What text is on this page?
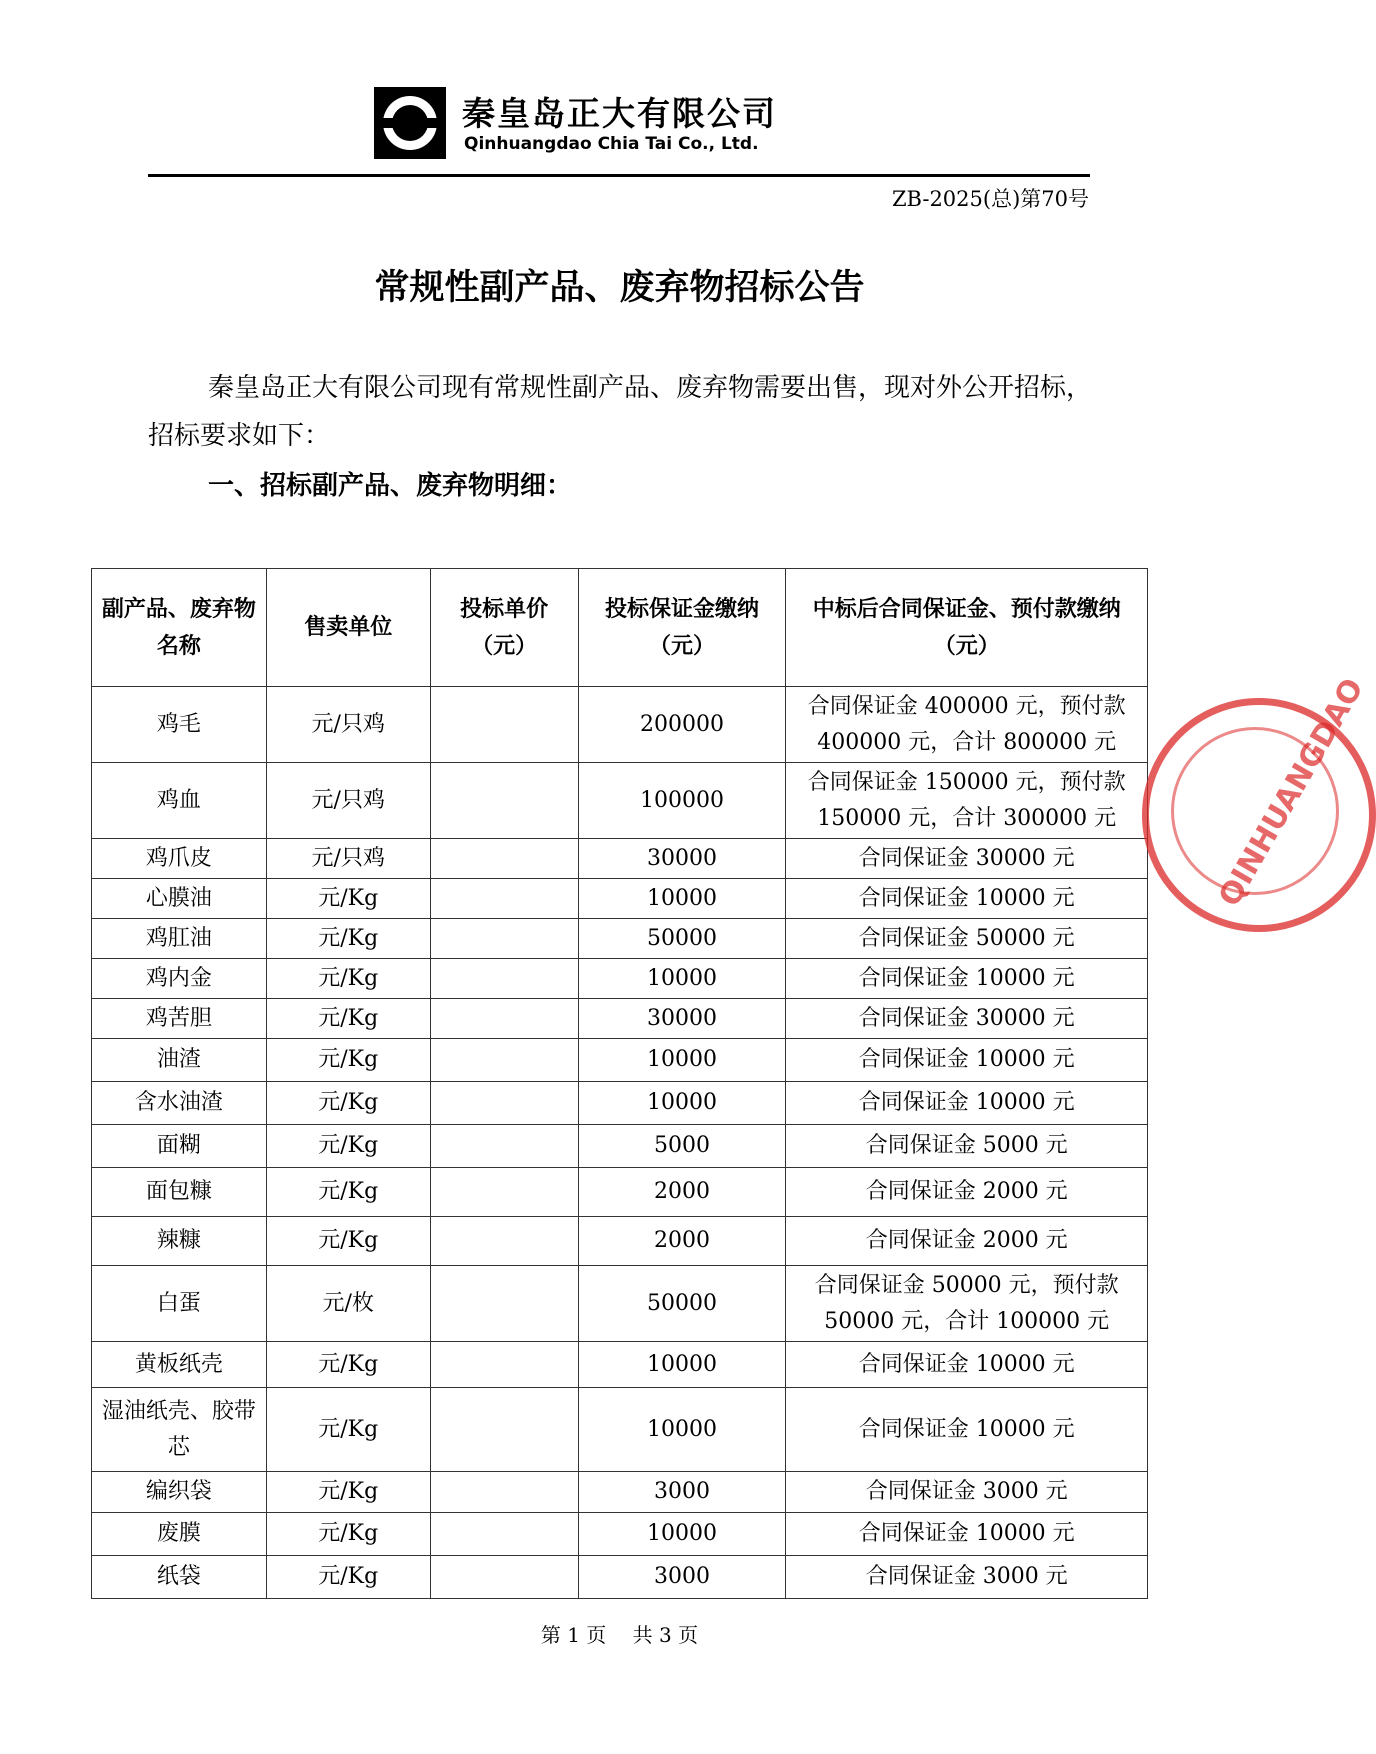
秦皇岛正大有限公司
Qinhuangdao Chia Tai Co., Ltd.
ZB-2025(总)第70号
常规性副产品、废弃物招标公告
秦皇岛正大有限公司现有常规性副产品、废弃物需要出售，现对外公开招标，招标要求如下：
一、招标副产品、废弃物明细：
副产品、废弃物名称	售卖单位	投标单价（元）	投标保证金缴纳（元）	中标后合同保证金、预付款缴纳（元）
鸡毛	元/只鸡		200000	合同保证金 400000 元，预付款 400000 元，合计 800000 元
鸡血	元/只鸡		100000	合同保证金 150000 元，预付款 150000 元，合计 300000 元
鸡爪皮	元/只鸡		30000	合同保证金 30000 元
心膜油	元/Kg		10000	合同保证金 10000 元
鸡肛油	元/Kg		50000	合同保证金 50000 元
鸡内金	元/Kg		10000	合同保证金 10000 元
鸡苦胆	元/Kg		30000	合同保证金 30000 元
油渣	元/Kg		10000	合同保证金 10000 元
含水油渣	元/Kg		10000	合同保证金 10000 元
面糊	元/Kg		5000	合同保证金 5000 元
面包糠	元/Kg		2000	合同保证金 2000 元
辣糠	元/Kg		2000	合同保证金 2000 元
白蛋	元/枚		50000	合同保证金 50000 元，预付款 50000 元，合计 100000 元
黄板纸壳	元/Kg		10000	合同保证金 10000 元
湿油纸壳、胶带芯	元/Kg		10000	合同保证金 10000 元
编织袋	元/Kg		3000	合同保证金 3000 元
废膜	元/Kg		10000	合同保证金 10000 元
纸袋	元/Kg		3000	合同保证金 3000 元
QINHUANGDAO
第 1 页 共 3 页
